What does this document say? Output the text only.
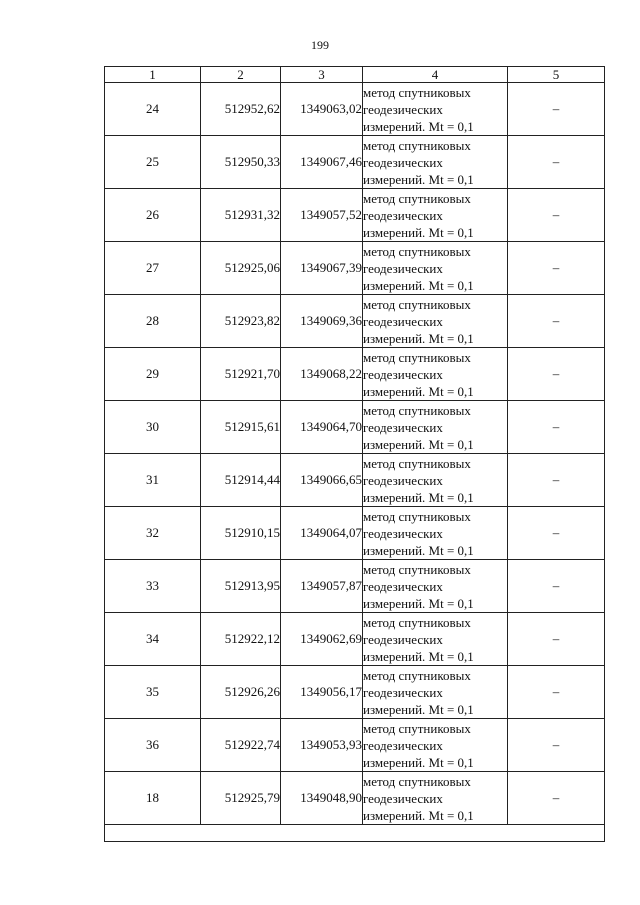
199
1	2	3	4	5
24	512952,62	1349063,02	метод спутниковых
геодезических
измерений. Mt = 0,1	–
25	512950,33	1349067,46	метод спутниковых
геодезических
измерений. Mt = 0,1	–
26	512931,32	1349057,52	метод спутниковых
геодезических
измерений. Mt = 0,1	–
27	512925,06	1349067,39	метод спутниковых
геодезических
измерений. Mt = 0,1	–
28	512923,82	1349069,36	метод спутниковых
геодезических
измерений. Mt = 0,1	–
29	512921,70	1349068,22	метод спутниковых
геодезических
измерений. Mt = 0,1	–
30	512915,61	1349064,70	метод спутниковых
геодезических
измерений. Mt = 0,1	–
31	512914,44	1349066,65	метод спутниковых
геодезических
измерений. Mt = 0,1	–
32	512910,15	1349064,07	метод спутниковых
геодезических
измерений. Mt = 0,1	–
33	512913,95	1349057,87	метод спутниковых
геодезических
измерений. Mt = 0,1	–
34	512922,12	1349062,69	метод спутниковых
геодезических
измерений. Mt = 0,1	–
35	512926,26	1349056,17	метод спутниковых
геодезических
измерений. Mt = 0,1	–
36	512922,74	1349053,93	метод спутниковых
геодезических
измерений. Mt = 0,1	–
18	512925,79	1349048,90	метод спутниковых
геодезических
измерений. Mt = 0,1	–
